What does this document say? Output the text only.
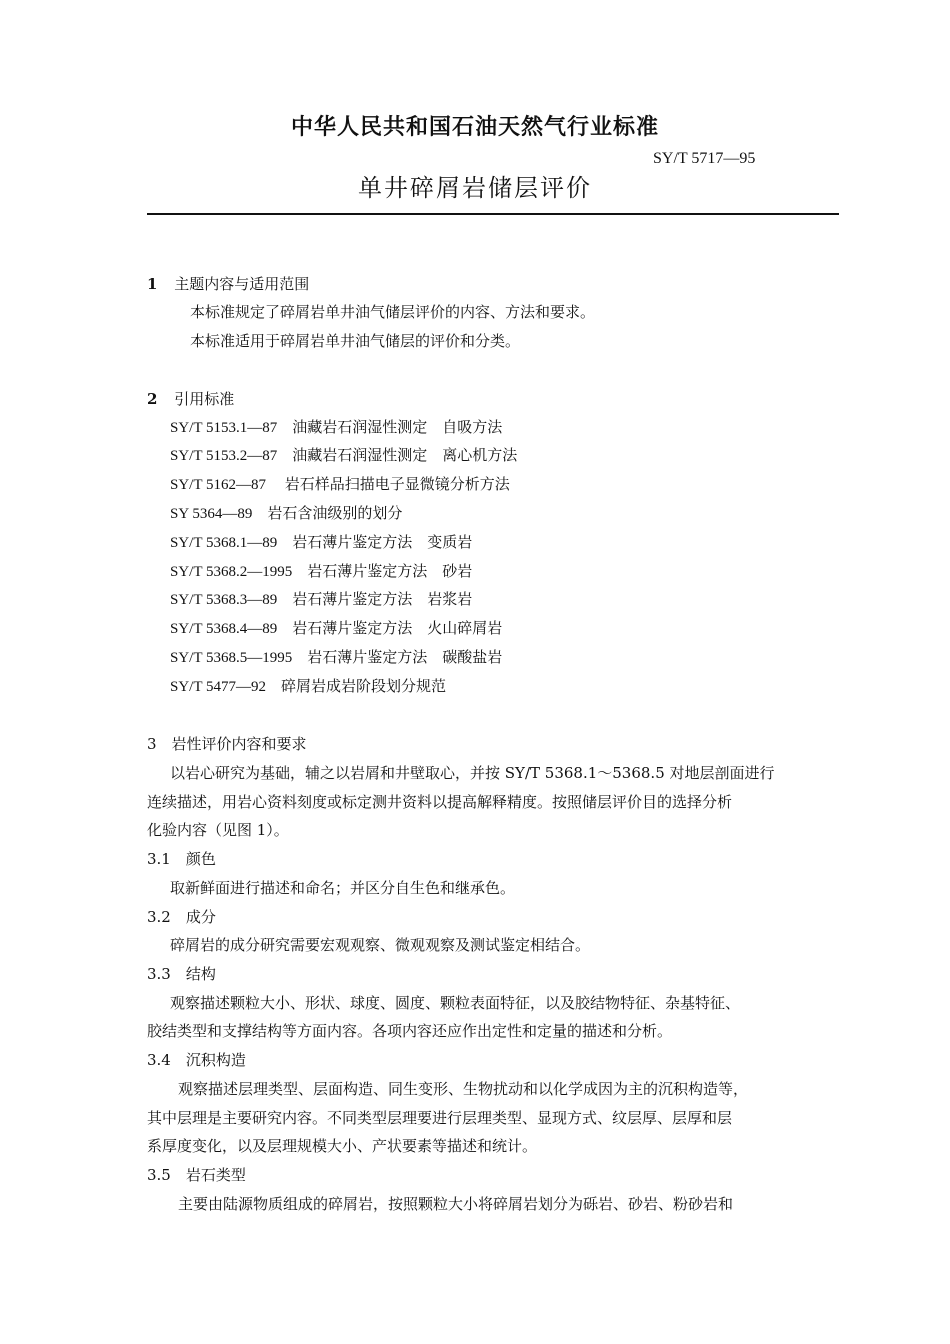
中华人民共和国石油天然气行业标准
SY/T 5717—95
单井碎屑岩储层评价
1 主题内容与适用范围
本标准规定了碎屑岩单井油气储层评价的内容、方法和要求。
本标准适用于碎屑岩单井油气储层的评价和分类。
2 引用标准
SY/T 5153.1—87　油藏岩石润湿性测定　自吸方法
SY/T 5153.2—87　油藏岩石润湿性测定　离心机方法
SY/T 5162—87　 岩石样品扫描电子显微镜分析方法
SY 5364—89　岩石含油级别的划分
SY/T 5368.1—89　岩石薄片鉴定方法　变质岩
SY/T 5368.2—1995　岩石薄片鉴定方法　砂岩
SY/T 5368.3—89　岩石薄片鉴定方法　岩浆岩
SY/T 5368.4—89　岩石薄片鉴定方法　火山碎屑岩
SY/T 5368.5—1995　岩石薄片鉴定方法　碳酸盐岩
SY/T 5477—92　碎屑岩成岩阶段划分规范
3　岩性评价内容和要求
以岩心研究为基础，辅之以岩屑和井壁取心，并按 SY/T 5368.1～5368.5 对地层剖面进行
连续描述，用岩心资料刻度或标定测井资料以提高解释精度。按照储层评价目的选择分析
化验内容（见图 1）。
3.1　颜色
取新鲜面进行描述和命名；并区分自生色和继承色。
3.2　成分
碎屑岩的成分研究需要宏观观察、微观观察及测试鉴定相结合。
3.3　结构
观察描述颗粒大小、形状、球度、圆度、颗粒表面特征，以及胶结物特征、杂基特征、
胶结类型和支撑结构等方面内容。各项内容还应作出定性和定量的描述和分析。
3.4　沉积构造
观察描述层理类型、层面构造、同生变形、生物扰动和以化学成因为主的沉积构造等，
其中层理是主要研究内容。不同类型层理要进行层理类型、显现方式、纹层厚、层厚和层
系厚度变化，以及层理规模大小、产状要素等描述和统计。
3.5　岩石类型
主要由陆源物质组成的碎屑岩，按照颗粒大小将碎屑岩划分为砾岩、砂岩、粉砂岩和
